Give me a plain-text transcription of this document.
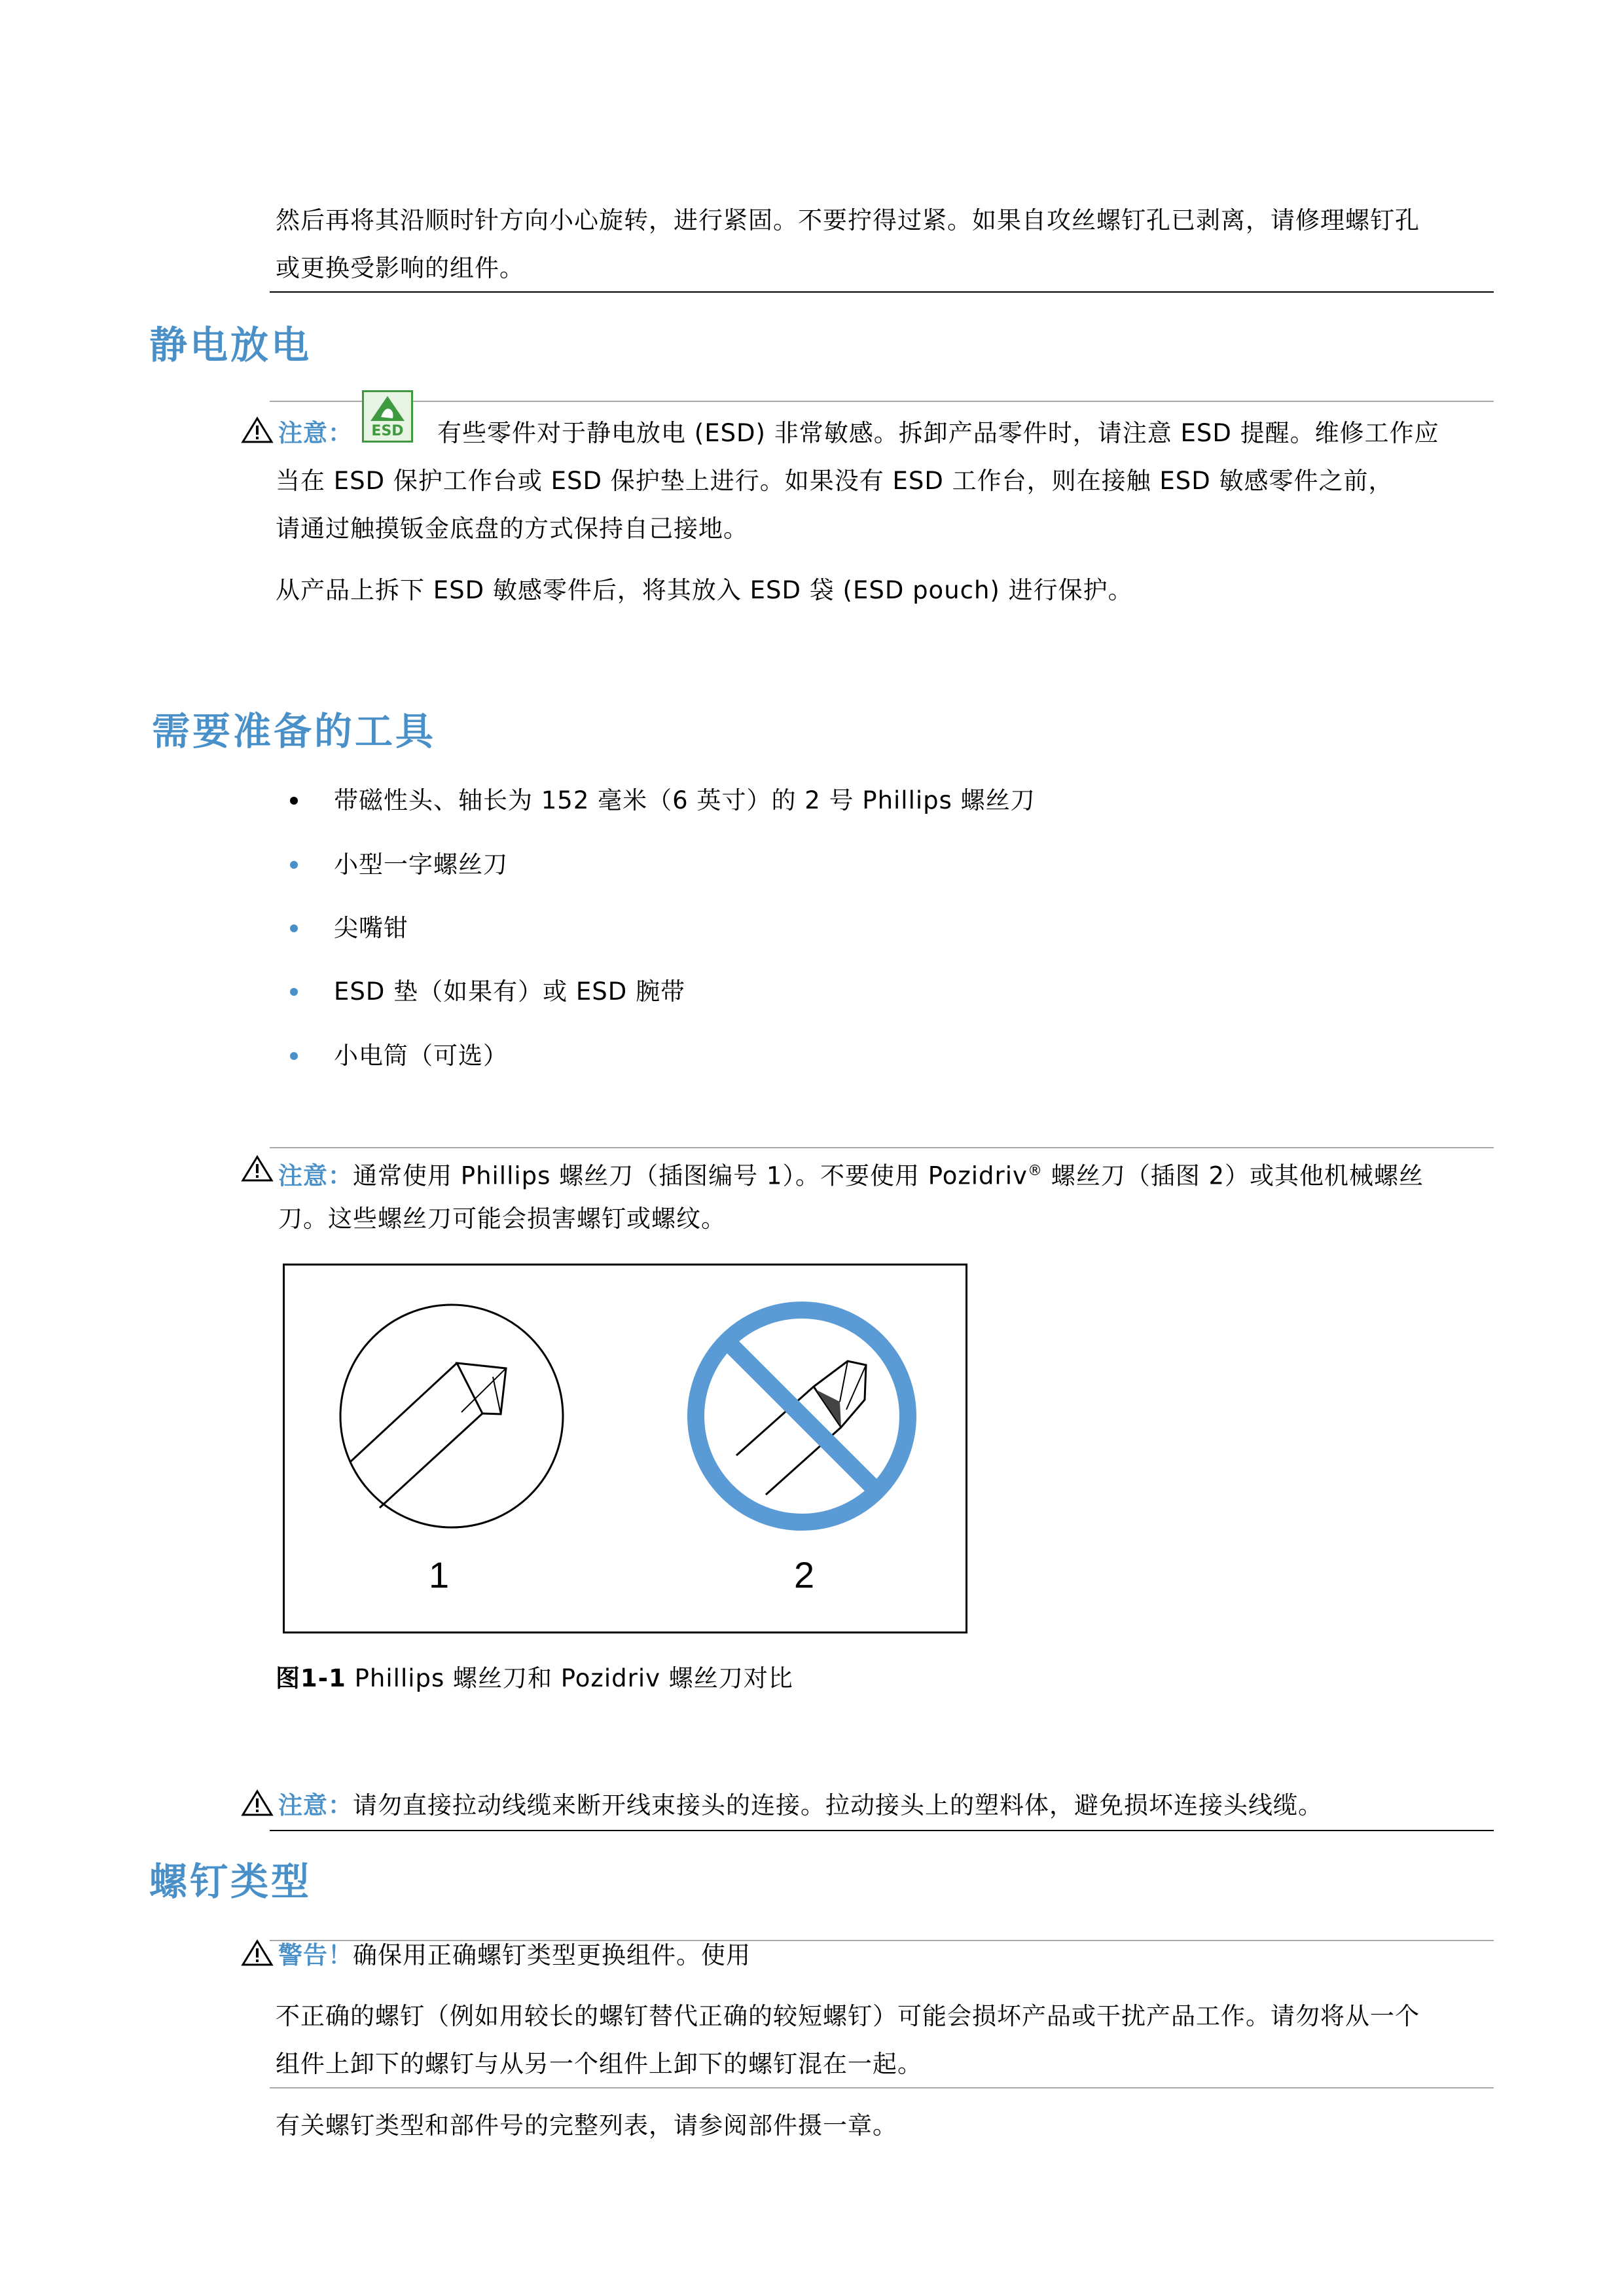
然后再将其沿顺时针方向小心旋转，进行紧固。不要拧得过紧。如果自攻丝螺钉孔已剥离，请修理螺钉孔
或更换受影响的组件。
静电放电
注意：	ESD	有些零件对于静电放电 (ESD) 非常敏感。拆卸产品零件时，请注意 ESD 提醒。维修工作应
当在 ESD 保护工作台或 ESD 保护垫上进行。如果没有 ESD 工作台，则在接触 ESD 敏感零件之前，
请通过触摸钣金底盘的方式保持自己接地。
从产品上拆下 ESD 敏感零件后，将其放入 ESD 袋 (ESD pouch) 进行保护。
需要准备的工具
带磁性头、轴长为 152 毫米（6 英寸）的 2 号 Phillips 螺丝刀
小型一字螺丝刀
尖嘴钳
ESD 垫（如果有）或 ESD 腕带
小电筒（可选）
注意：通常使用 Phillips 螺丝刀（插图编号 1）。不要使用 Pozidriv® 螺丝刀（插图 2）或其他机械螺丝
刀。这些螺丝刀可能会损害螺钉或螺纹。
1	2
图1-1 Phillips 螺丝刀和 Pozidriv 螺丝刀对比
注意：请勿直接拉动线缆来断开线束接头的连接。拉动接头上的塑料体，避免损坏连接头线缆。
螺钉类型
警告！确保用正确螺钉类型更换组件。使用
不正确的螺钉（例如用较长的螺钉替代正确的较短螺钉）可能会损坏产品或干扰产品工作。请勿将从一个
组件上卸下的螺钉与从另一个组件上卸下的螺钉混在一起。
有关螺钉类型和部件号的完整列表，请参阅部件摄一章。
